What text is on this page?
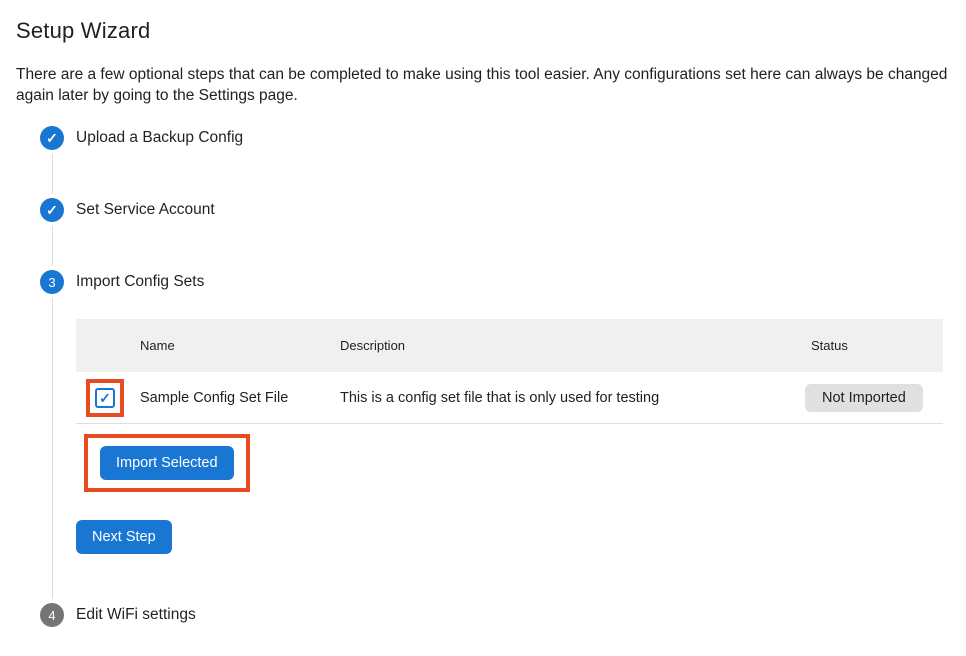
Setup Wizard

There are a few optional steps that can be completed to make using this tool easier. Any configurations set here can always be changed again later by going to the Settings page.

✓ Upload a Backup Config
✓ Set Service Account
3 Import Config Sets
Name	Description	Status
✓ Sample Config Set File	This is a config set file that is only used for testing	Not Imported
Import Selected
Next Step
4 Edit WiFi settings
